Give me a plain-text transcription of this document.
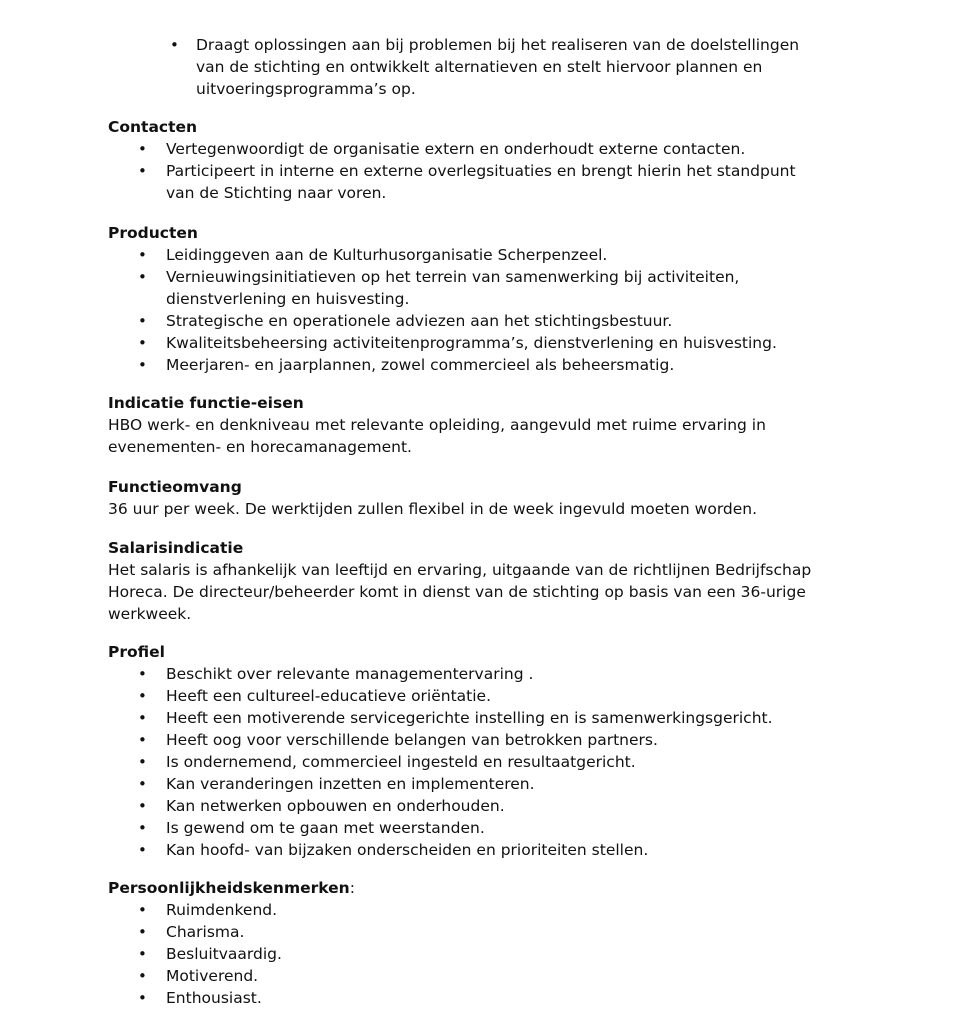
• Draagt oplossingen aan bij problemen bij het realiseren van de doelstellingen van de stichting en ontwikkelt alternatieven en stelt hiervoor plannen en uitvoeringsprogramma’s op.

Contacten

• Vertegenwoordigt de organisatie extern en onderhoudt externe contacten.
• Participeert in interne en externe overlegsituaties en brengt hierin het standpunt van de Stichting naar voren.

Producten

• Leidinggeven aan de Kulturhusorganisatie Scherpenzeel.
• Vernieuwingsinitiatieven op het terrein van samenwerking bij activiteiten, dienstverlening en huisvesting.
• Strategische en operationele adviezen aan het stichtingsbestuur.
• Kwaliteitsbeheersing activiteitenprogramma’s, dienstverlening en huisvesting.
• Meerjaren- en jaarplannen, zowel commercieel als beheersmatig.

Indicatie functie-eisen

HBO werk- en denkniveau met relevante opleiding, aangevuld met ruime ervaring in evenementen- en horecamanagement.

Functieomvang

36 uur per week. De werktijden zullen flexibel in de week ingevuld moeten worden.

Salarisindicatie

Het salaris is afhankelijk van leeftijd en ervaring, uitgaande van de richtlijnen Bedrijfschap Horeca. De directeur/beheerder komt in dienst van de stichting op basis van een 36-urige werkweek.

Profiel

• Beschikt over relevante managementervaring .
• Heeft een cultureel-educatieve oriëntatie.
• Heeft een motiverende servicegerichte instelling en is samenwerkingsgericht.
• Heeft oog voor verschillende belangen van betrokken partners.
• Is ondernemend, commercieel ingesteld en resultaatgericht.
• Kan veranderingen inzetten en implementeren.
• Kan netwerken opbouwen en onderhouden.
• Is gewend om te gaan met weerstanden.
• Kan hoofd- van bijzaken onderscheiden en prioriteiten stellen.

Persoonlijkheidskenmerken:

• Ruimdenkend.
• Charisma.
• Besluitvaardig.
• Motiverend.
• Enthousiast.
